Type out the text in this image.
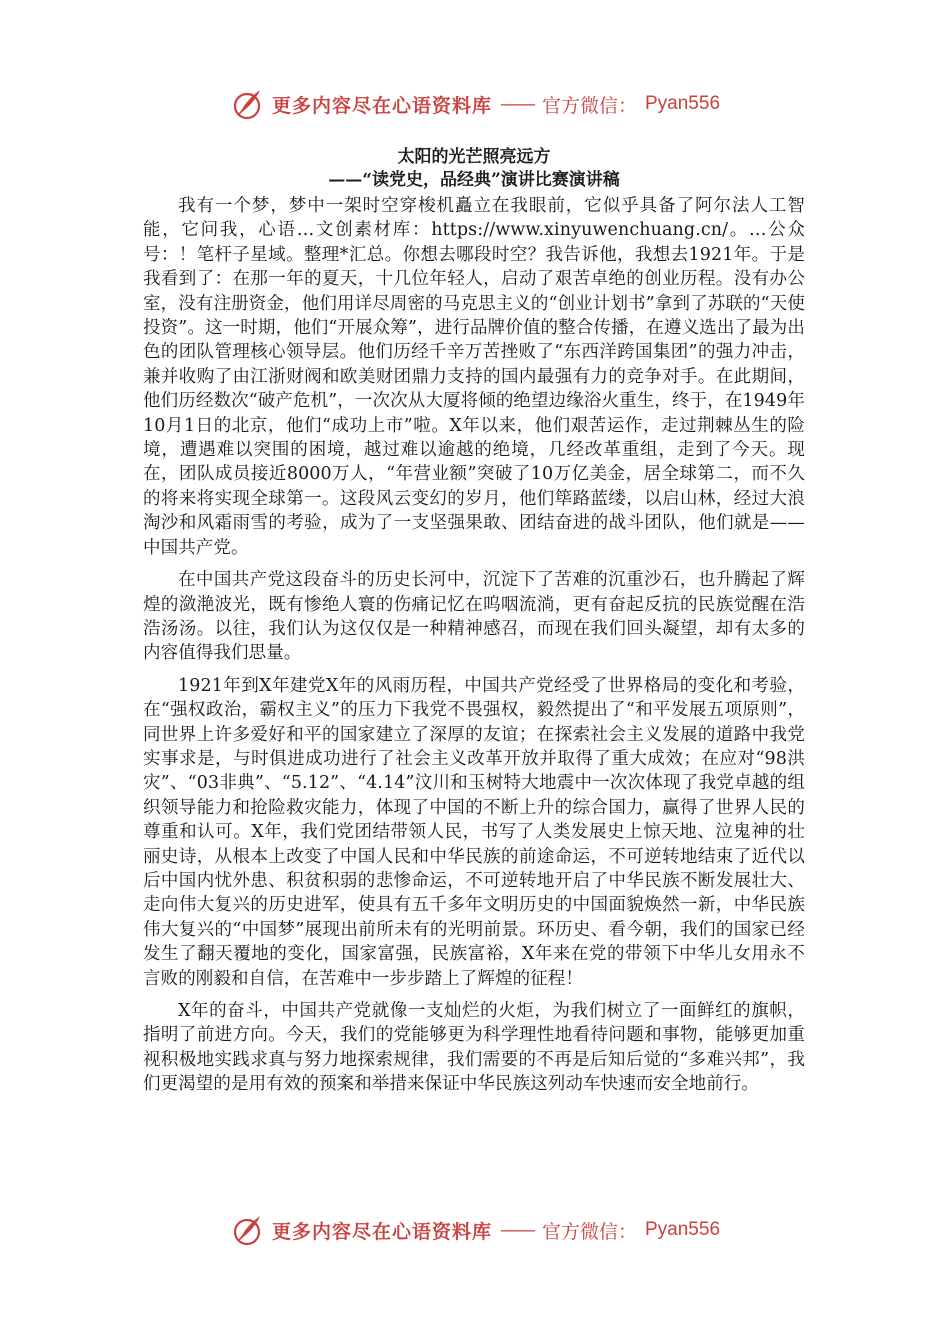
更多内容尽在心语资料库 —— 官方微信： Pyan556

太阳的光芒照亮远方

——“读党史，品经典”演讲比赛演讲稿

我有一个梦，梦中一架时空穿梭机矗立在我眼前，它似乎具备了阿尔法人工智能，它问我，心语…文创素材库：https://www.xinyuwenchuang.cn/。…公众号：！笔杆子星域。整理*汇总。你想去哪段时空？我告诉他，我想去1921年。于是我看到了：在那一年的夏天，十几位年轻人，启动了艰苦卓绝的创业历程。没有办公室，没有注册资金，他们用详尽周密的马克思主义的“创业计划书”拿到了苏联的“天使投资”。这一时期，他们“开展众筹”，进行品牌价值的整合传播，在遵义选出了最为出色的团队管理核心领导层。他们历经千辛万苦挫败了“东西洋跨国集团”的强力冲击，兼并收购了由江浙财阀和欧美财团鼎力支持的国内最强有力的竞争对手。在此期间，他们历经数次“破产危机”，一次次从大厦将倾的绝望边缘浴火重生，终于，在1949年10月1日的北京，他们“成功上市”啦。X年以来，他们艰苦运作，走过荆棘丛生的险境，遭遇难以突围的困境，越过难以逾越的绝境，几经改革重组，走到了今天。现在，团队成员接近8000万人，“年营业额”突破了10万亿美金，居全球第二，而不久的将来将实现全球第一。这段风云变幻的岁月，他们筚路蓝缕，以启山林，经过大浪淘沙和风霜雨雪的考验，成为了一支坚强果敢、团结奋进的战斗团队，他们就是——中国共产党。

在中国共产党这段奋斗的历史长河中，沉淀下了苦难的沉重沙石，也升腾起了辉煌的潋滟波光，既有惨绝人寰的伤痛记忆在呜咽流淌，更有奋起反抗的民族觉醒在浩浩汤汤。以往，我们认为这仅仅是一种精神感召，而现在我们回头凝望，却有太多的内容值得我们思量。

1921年到X年建党X年的风雨历程，中国共产党经受了世界格局的变化和考验，在“强权政治，霸权主义”的压力下我党不畏强权，毅然提出了“和平发展五项原则”，同世界上许多爱好和平的国家建立了深厚的友谊；在探索社会主义发展的道路中我党实事求是，与时俱进成功进行了社会主义改革开放并取得了重大成效；在应对“98洪灾”、“03非典”、“5.12”、“4.14”汶川和玉树特大地震中一次次体现了我党卓越的组织领导能力和抢险救灾能力，体现了中国的不断上升的综合国力，赢得了世界人民的尊重和认可。X年，我们党团结带领人民，书写了人类发展史上惊天地、泣鬼神的壮丽史诗，从根本上改变了中国人民和中华民族的前途命运，不可逆转地结束了近代以后中国内忧外患、积贫积弱的悲惨命运，不可逆转地开启了中华民族不断发展壮大、走向伟大复兴的历史进军，使具有五千多年文明历史的中国面貌焕然一新，中华民族伟大复兴的“中国梦”展现出前所未有的光明前景。环历史、看今朝，我们的国家已经发生了翻天覆地的变化，国家富强，民族富裕，X年来在党的带领下中华儿女用永不言败的刚毅和自信，在苦难中一步步踏上了辉煌的征程！

X年的奋斗，中国共产党就像一支灿烂的火炬，为我们树立了一面鲜红的旗帜，指明了前进方向。今天，我们的党能够更为科学理性地看待问题和事物，能够更加重视积极地实践求真与努力地探索规律，我们需要的不再是后知后觉的“多难兴邦”，我们更渴望的是用有效的预案和举措来保证中华民族这列动车快速而安全地前行。

更多内容尽在心语资料库 —— 官方微信： Pyan556
